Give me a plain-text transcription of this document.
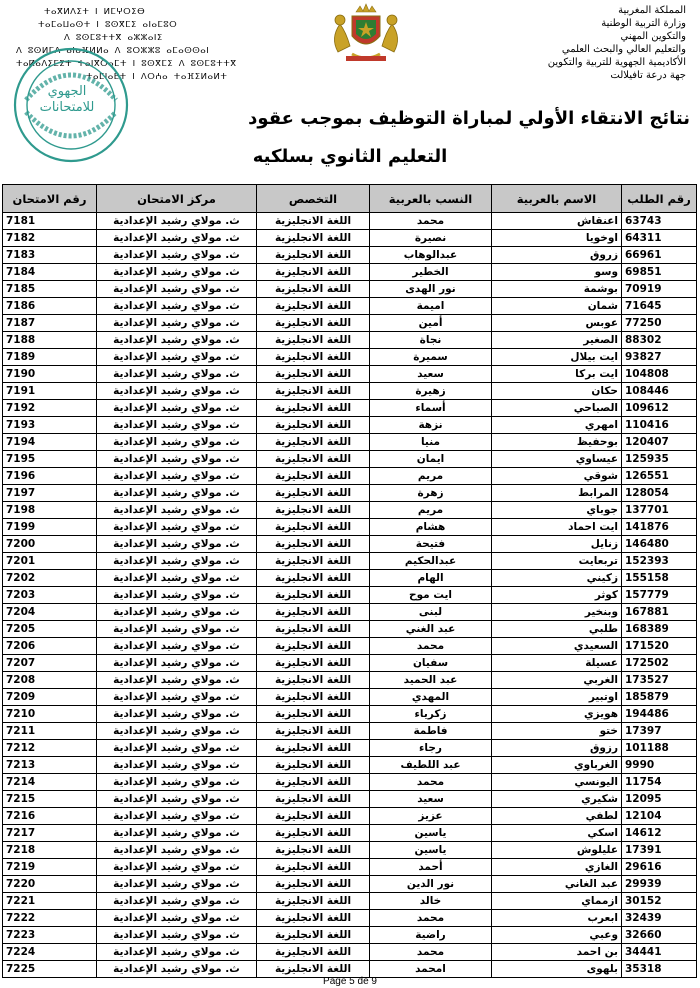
المملكة المغربية
وزارة التربية الوطنية
والتكوين المهني
والتعليم العالي والبحث العلمي
الأكاديمية الجهوية للتربية والتكوين
جهة درعة تافيلالت
ⵜⴰⴳⵍⴷⵉⵜ ⵏ ⵍⵎⵖⵔⵉⴱ
ⵜⴰⵎⴰⵡⴰⵙⵜ ⵏ ⵓⵙⴳⵎⵉ ⴰⵏⴰⵎⵓⵔ
ⴷ ⵓⵙⵎⵓⵜⵜⴳ ⴰⵣⵣⴰⵏⵉ
ⴷ ⵓⵙⵍⵎⴷ ⴰⵏⴰⴼⵍⵍⴰ ⴷ ⵓⵔⵣⵣⵓ ⴰⵎⴰⵙⵙⴰⵏ
ⵜⴰⴽⴰⴷⵉⵎⵉⵜ ⵜⴰⵏⴳⵔⴰⵎⵜ ⵏ ⵓⵙⴳⵎⵉ ⴷ ⵓⵙⵎⵓⵜⵜⴳ
ⵜⴰⵎⵏⴰⴹⵜ ⵏ ⴷⵔⵄⴰ ⵜⴰⴼⵉⵍⴰⵍⵜ
الجهوي
للامتحانات
نتائج الانتقاء الأولي لمباراة التوظيف بموجب عقود
التعليم الثانوي بسلكيه
رقم الطلب	الاسم بالعربية	النسب بالعربية	التخصص	مركز الامتحان	رقم الامتحان
63743	اعنقاش	محمد	اللغة الانجليزية	ث. مولاي رشيد الإعدادية	7181
64311	اوخويا	نصيرة	اللغة الانجليزية	ث. مولاي رشيد الإعدادية	7182
66961	زروق	عبدالوهاب	اللغة الانجليزية	ث. مولاي رشيد الإعدادية	7183
69851	وسو	الخطير	اللغة الانجليزية	ث. مولاي رشيد الإعدادية	7184
70919	بوشمة	نور الهدى	اللغة الانجليزية	ث. مولاي رشيد الإعدادية	7185
71645	شمان	اميمة	اللغة الانجليزية	ث. مولاي رشيد الإعدادية	7186
77250	عوبس	أمين	اللغة الانجليزية	ث. مولاي رشيد الإعدادية	7187
88302	الصغير	نجاة	اللغة الانجليزية	ث. مولاي رشيد الإعدادية	7188
93827	ايت بيلال	سميرة	اللغة الانجليزية	ث. مولاي رشيد الإعدادية	7189
104808	ايت بركا	سعيد	اللغة الانجليزية	ث. مولاي رشيد الإعدادية	7190
108446	حكان	زهيرة	اللغة الانجليزية	ث. مولاي رشيد الإعدادية	7191
109612	الصباحي	أسماء	اللغة الانجليزية	ث. مولاي رشيد الإعدادية	7192
110416	امهري	نزهة	اللغة الانجليزية	ث. مولاي رشيد الإعدادية	7193
120407	بوحفيظ	منيا	اللغة الانجليزية	ث. مولاي رشيد الإعدادية	7194
125935	عيساوي	ايمان	اللغة الانجليزية	ث. مولاي رشيد الإعدادية	7195
126551	شوقي	مريم	اللغة الانجليزية	ث. مولاي رشيد الإعدادية	7196
128054	المرابط	زهرة	اللغة الانجليزية	ث. مولاي رشيد الإعدادية	7197
137701	جوباي	مريم	اللغة الانجليزية	ث. مولاي رشيد الإعدادية	7198
141876	ايت احماد	هشام	اللغة الانجليزية	ث. مولاي رشيد الإعدادية	7199
146480	زنايل	فتيحة	اللغة الانجليزية	ث. مولاي رشيد الإعدادية	7200
152393	تربعايت	عبدالحكيم	اللغة الانجليزية	ث. مولاي رشيد الإعدادية	7201
155158	زكيني	الهام	اللغة الانجليزية	ث. مولاي رشيد الإعدادية	7202
157779	كوثر	ايت موح	اللغة الانجليزية	ث. مولاي رشيد الإعدادية	7203
167881	وبنخير	لبنى	اللغة الانجليزية	ث. مولاي رشيد الإعدادية	7204
168389	طلبي	عبد الغني	اللغة الانجليزية	ث. مولاي رشيد الإعدادية	7205
171520	السعيدي	محمد	اللغة الانجليزية	ث. مولاي رشيد الإعدادية	7206
172502	عسيلة	سفيان	اللغة الانجليزية	ث. مولاي رشيد الإعدادية	7207
173527	الغربي	عبد الحميد	اللغة الانجليزية	ث. مولاي رشيد الإعدادية	7208
185879	اوتبير	المهدي	اللغة الانجليزية	ث. مولاي رشيد الإعدادية	7209
194486	هويزي	زكرياء	اللغة الانجليزية	ث. مولاي رشيد الإعدادية	7210
17397	ختو	فاطمة	اللغة الانجليزية	ث. مولاي رشيد الإعدادية	7211
101188	رزوق	رجاء	اللغة الانجليزية	ث. مولاي رشيد الإعدادية	7212
9990	الغرباوي	عبد اللطيف	اللغة الانجليزية	ث. مولاي رشيد الإعدادية	7213
11754	اليونسي	محمد	اللغة الانجليزية	ث. مولاي رشيد الإعدادية	7214
12095	شكيري	سعيد	اللغة الانجليزية	ث. مولاي رشيد الإعدادية	7215
12104	لطفي	عزيز	اللغة الانجليزية	ث. مولاي رشيد الإعدادية	7216
14612	اسكي	ياسين	اللغة الانجليزية	ث. مولاي رشيد الإعدادية	7217
17391	عليلوش	ياسين	اللغة الانجليزية	ث. مولاي رشيد الإعدادية	7218
29616	الغازي	أحمد	اللغة الانجليزية	ث. مولاي رشيد الإعدادية	7219
29939	عبد الغاني	نور الدين	اللغة الانجليزية	ث. مولاي رشيد الإعدادية	7220
30152	ازمماي	خالد	اللغة الانجليزية	ث. مولاي رشيد الإعدادية	7221
32439	ابعرب	محمد	اللغة الانجليزية	ث. مولاي رشيد الإعدادية	7222
32660	وعبي	راضية	اللغة الانجليزية	ث. مولاي رشيد الإعدادية	7223
34441	بن احمد	محمد	اللغة الانجليزية	ث. مولاي رشيد الإعدادية	7224
35318	بلهوى	امحمد	اللغة الانجليزية	ث. مولاي رشيد الإعدادية	7225
Page 5 de 9
